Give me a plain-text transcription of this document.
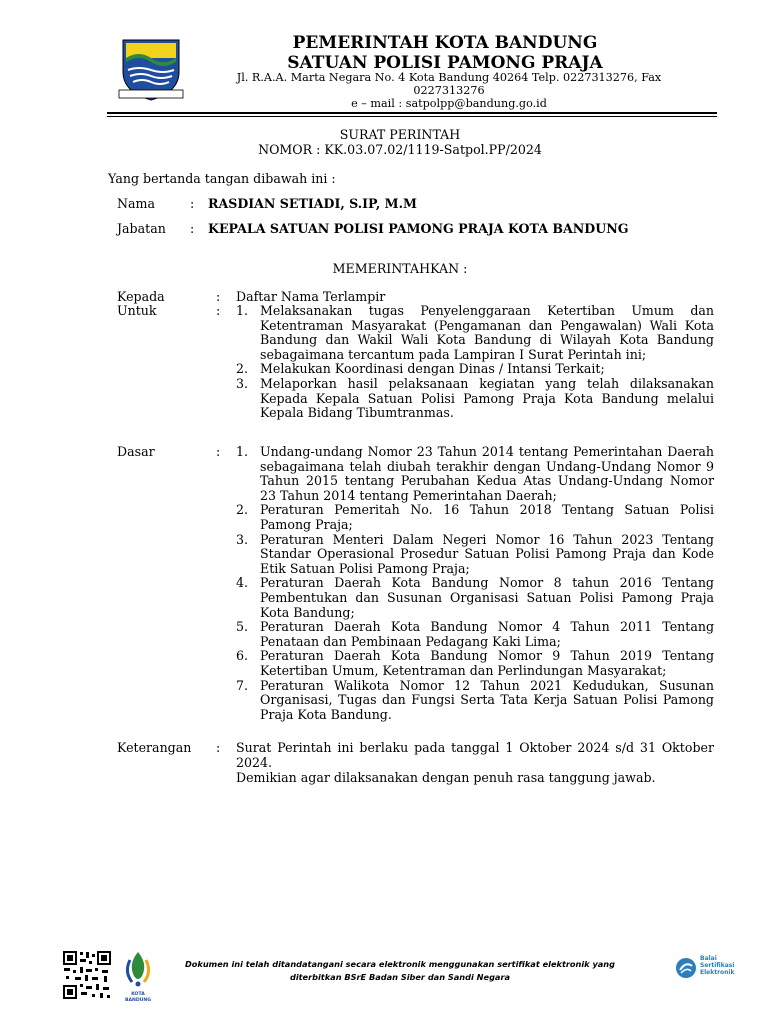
PEMERINTAH KOTA BANDUNG
SATUAN POLISI PAMONG PRAJA
Jl. R.A.A. Marta Negara No. 4 Kota Bandung 40264 Telp. 0227313276, Fax 0227313276
e – mail : satpolpp@bandung.go.id
SURAT PERINTAH
NOMOR : KK.03.07.02/1119-Satpol.PP/2024
Yang bertanda tangan dibawah ini :
Nama	: RASDIAN SETIADI, S.IP, M.M
Jabatan : KEPALA SATUAN POLISI PAMONG PRAJA KOTA BANDUNG
MEMERINTAHKAN :
Kepada	: Daftar Nama Terlampir
Untuk	: 1. Melaksanakan tugas Penyelenggaraan Ketertiban Umum dan Ketentraman Masyarakat (Pengamanan dan Pengawalan) Wali Kota Bandung dan Wakil Wali Kota Bandung di Wilayah Kota Bandung sebagaimana tercantum pada Lampiran I Surat Perintah ini;
2. Melakukan Koordinasi dengan Dinas / Intansi Terkait;
3. Melaporkan hasil pelaksanaan kegiatan yang telah dilaksanakan Kepada Kepala Satuan Polisi Pamong Praja Kota Bandung melalui Kepala Bidang Tibumtranmas.
Dasar	: 1. Undang-undang Nomor 23 Tahun 2014 tentang Pemerintahan Daerah sebagaimana telah diubah terakhir dengan Undang-Undang Nomor 9 Tahun 2015 tentang Perubahan Kedua Atas Undang-Undang Nomor 23 Tahun 2014 tentang Pemerintahan Daerah;
2. Peraturan Pemeritah No. 16 Tahun 2018 Tentang Satuan Polisi Pamong Praja;
3. Peraturan Menteri Dalam Negeri Nomor 16 Tahun 2023 Tentang Standar Operasional Prosedur Satuan Polisi Pamong Praja dan Kode Etik Satuan Polisi Pamong Praja;
4. Peraturan Daerah Kota Bandung Nomor 8 tahun 2016 Tentang Pembentukan dan Susunan Organisasi Satuan Polisi Pamong Praja Kota Bandung;
5. Peraturan Daerah Kota Bandung Nomor 4 Tahun 2011 Tentang Penataan dan Pembinaan Pedagang Kaki Lima;
6. Peraturan Daerah Kota Bandung Nomor 9 Tahun 2019 Tentang Ketertiban Umum, Ketentraman dan Perlindungan Masyarakat;
7. Peraturan Walikota Nomor 12 Tahun 2021 Kedudukan, Susunan Organisasi, Tugas dan Fungsi Serta Tata Kerja Satuan Polisi Pamong Praja Kota Bandung.
Keterangan : Surat Perintah ini berlaku pada tanggal 1 Oktober 2024 s/d 31 Oktober 2024.
Demikian agar dilaksanakan dengan penuh rasa tanggung jawab.
KOTA BANDUNG
Dokumen ini telah ditandatangani secara elektronik menggunakan sertifikat elektronik yang
diterbitkan BSrE Badan Siber dan Sandi Negara
Balai
Sertifikasi
Elektronik
